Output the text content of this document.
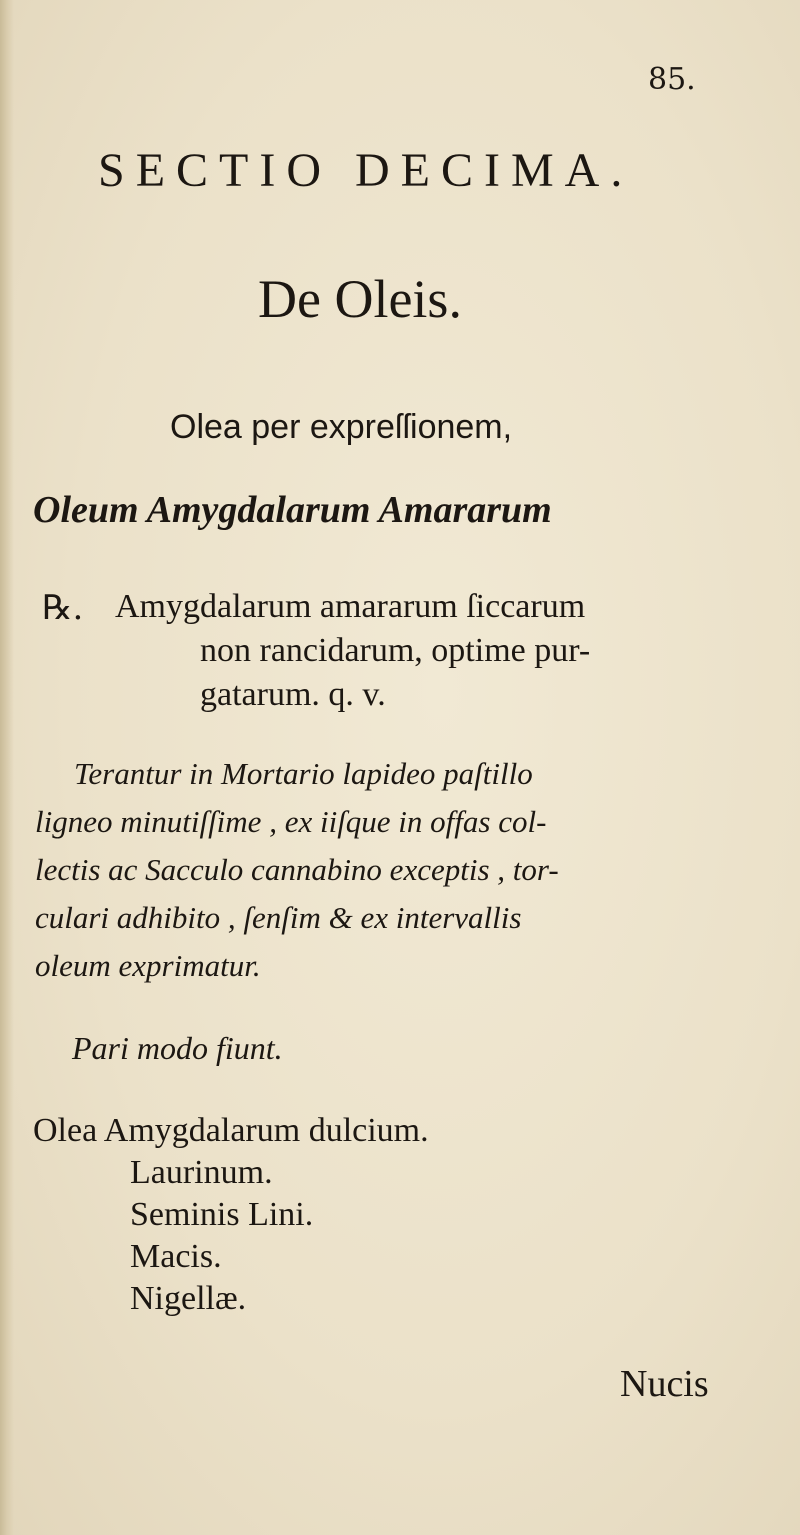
85.
SECTIO DECIMA.
De Oleis.
Olea per expreſſionem,
Oleum Amygdalarum Amararum
℞. Amygdalarum amararum ſiccarum
non rancidarum, optime pur-
gatarum. q. v.
Terantur in Mortario lapideo paſtillo
ligneo minutiſſime , ex iiſque in offas col-
lectis ac Sacculo cannabino exceptis , tor-
culari adhibito , ſenſim & ex intervallis
oleum exprimatur.
Pari modo fiunt.
Olea Amygdalarum dulcium.
Laurinum.
Seminis Lini.
Macis.
Nigellæ.
Nucis
